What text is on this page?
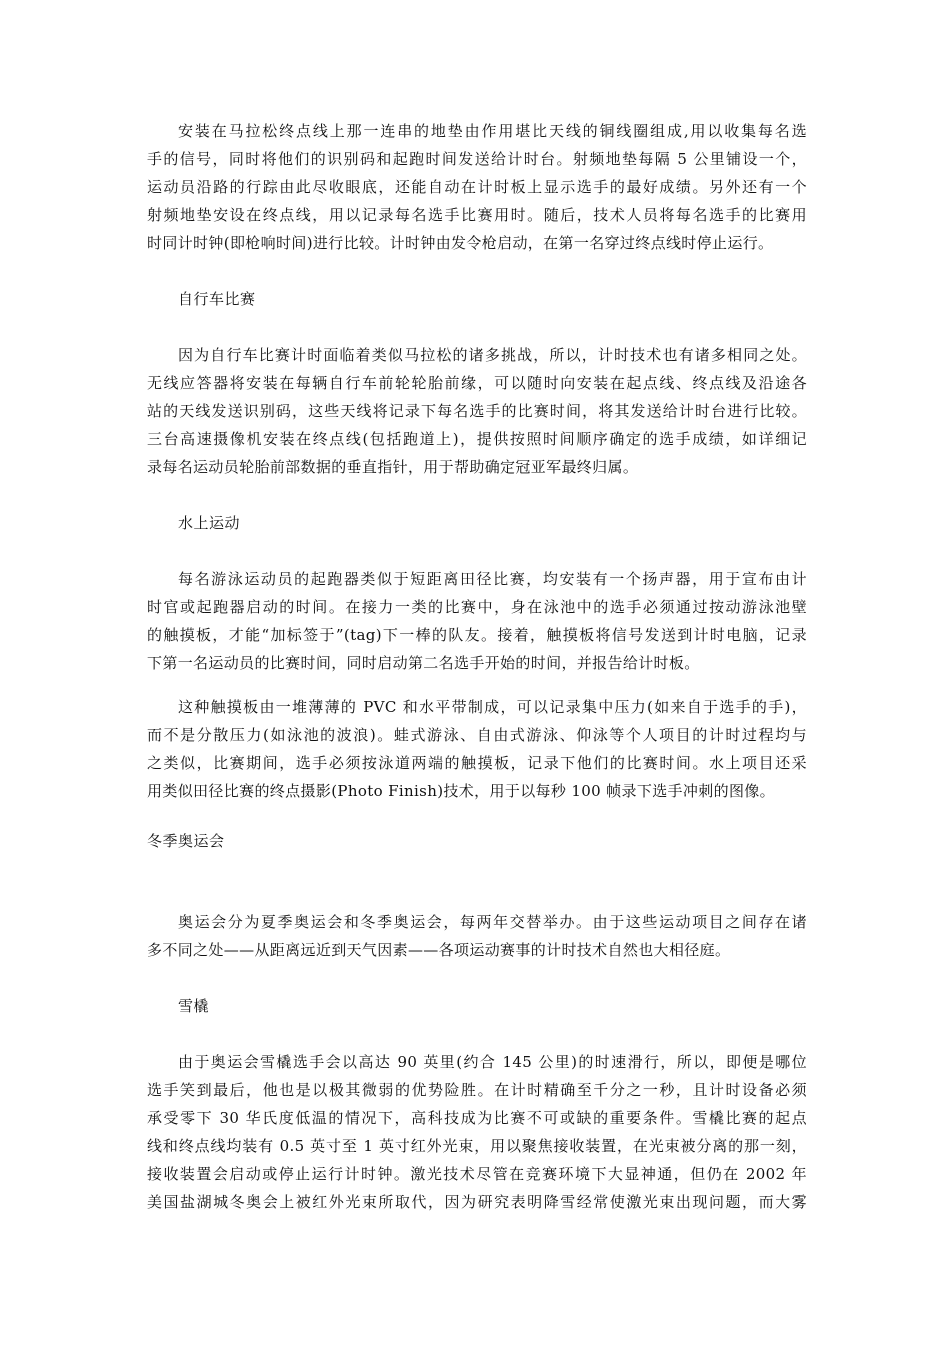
安装在马拉松终点线上那一连串的地垫由作用堪比天线的铜线圈组成,用以收集每名选
手的信号，同时将他们的识别码和起跑时间发送给计时台。射频地垫每隔 5 公里铺设一个，
运动员沿路的行踪由此尽收眼底，还能自动在计时板上显示选手的最好成绩。另外还有一个
射频地垫安设在终点线，用以记录每名选手比赛用时。随后，技术人员将每名选手的比赛用
时同计时钟(即枪响时间)进行比较。计时钟由发令枪启动，在第一名穿过终点线时停止运行。
自行车比赛
因为自行车比赛计时面临着类似马拉松的诸多挑战，所以，计时技术也有诸多相同之处。
无线应答器将安装在每辆自行车前轮轮胎前缘，可以随时向安装在起点线、终点线及沿途各
站的天线发送识别码，这些天线将记录下每名选手的比赛时间，将其发送给计时台进行比较。
三台高速摄像机安装在终点线(包括跑道上)，提供按照时间顺序确定的选手成绩，如详细记
录每名运动员轮胎前部数据的垂直指针，用于帮助确定冠亚军最终归属。
水上运动
每名游泳运动员的起跑器类似于短距离田径比赛，均安装有一个扬声器，用于宣布由计
时官或起跑器启动的时间。在接力一类的比赛中，身在泳池中的选手必须通过按动游泳池壁
的触摸板，才能“加标签于”(tag)下一棒的队友。接着，触摸板将信号发送到计时电脑，记录
下第一名运动员的比赛时间，同时启动第二名选手开始的时间，并报告给计时板。
这种触摸板由一堆薄薄的 PVC 和水平带制成，可以记录集中压力(如来自于选手的手)，
而不是分散压力(如泳池的波浪)。蛙式游泳、自由式游泳、仰泳等个人项目的计时过程均与
之类似，比赛期间，选手必须按泳道两端的触摸板，记录下他们的比赛时间。水上项目还采
用类似田径比赛的终点摄影(Photo Finish)技术，用于以每秒 100 帧录下选手冲刺的图像。
冬季奥运会
奥运会分为夏季奥运会和冬季奥运会，每两年交替举办。由于这些运动项目之间存在诸
多不同之处——从距离远近到天气因素——各项运动赛事的计时技术自然也大相径庭。
雪橇
由于奥运会雪橇选手会以高达 90 英里(约合 145 公里)的时速滑行，所以，即便是哪位
选手笑到最后，他也是以极其微弱的优势险胜。在计时精确至千分之一秒，且计时设备必须
承受零下 30 华氏度低温的情况下，高科技成为比赛不可或缺的重要条件。雪橇比赛的起点
线和终点线均装有 0.5 英寸至 1 英寸红外光束，用以聚焦接收装置，在光束被分离的那一刻，
接收装置会启动或停止运行计时钟。激光技术尽管在竞赛环境下大显神通，但仍在 2002 年
美国盐湖城冬奥会上被红外光束所取代，因为研究表明降雪经常使激光束出现问题，而大雾
